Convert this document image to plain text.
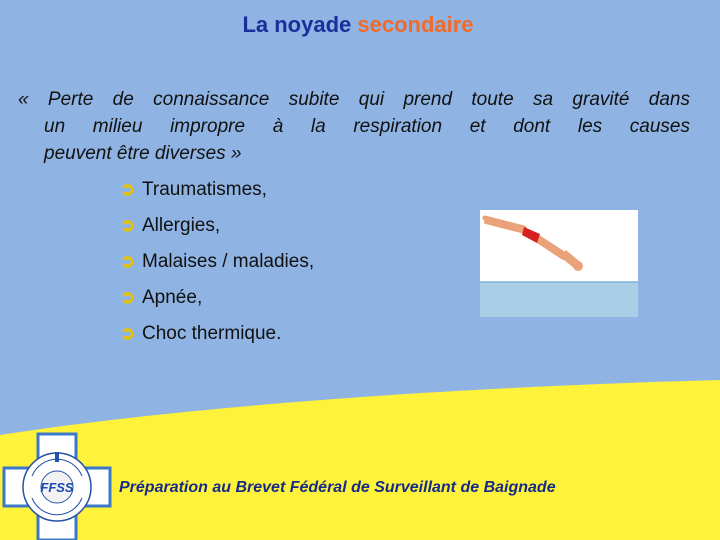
La noyade secondaire
« Perte de connaissance subite qui prend toute sa gravité dans
un milieu impropre à la respiration et dont les causes
peuvent être diverses »
➲ Traumatismes,
➲ Allergies,
➲ Malaises / maladies,
➲ Apnée,
➲ Choc thermique.
FFSS	Préparation au Brevet Fédéral de Surveillant de Baignade
